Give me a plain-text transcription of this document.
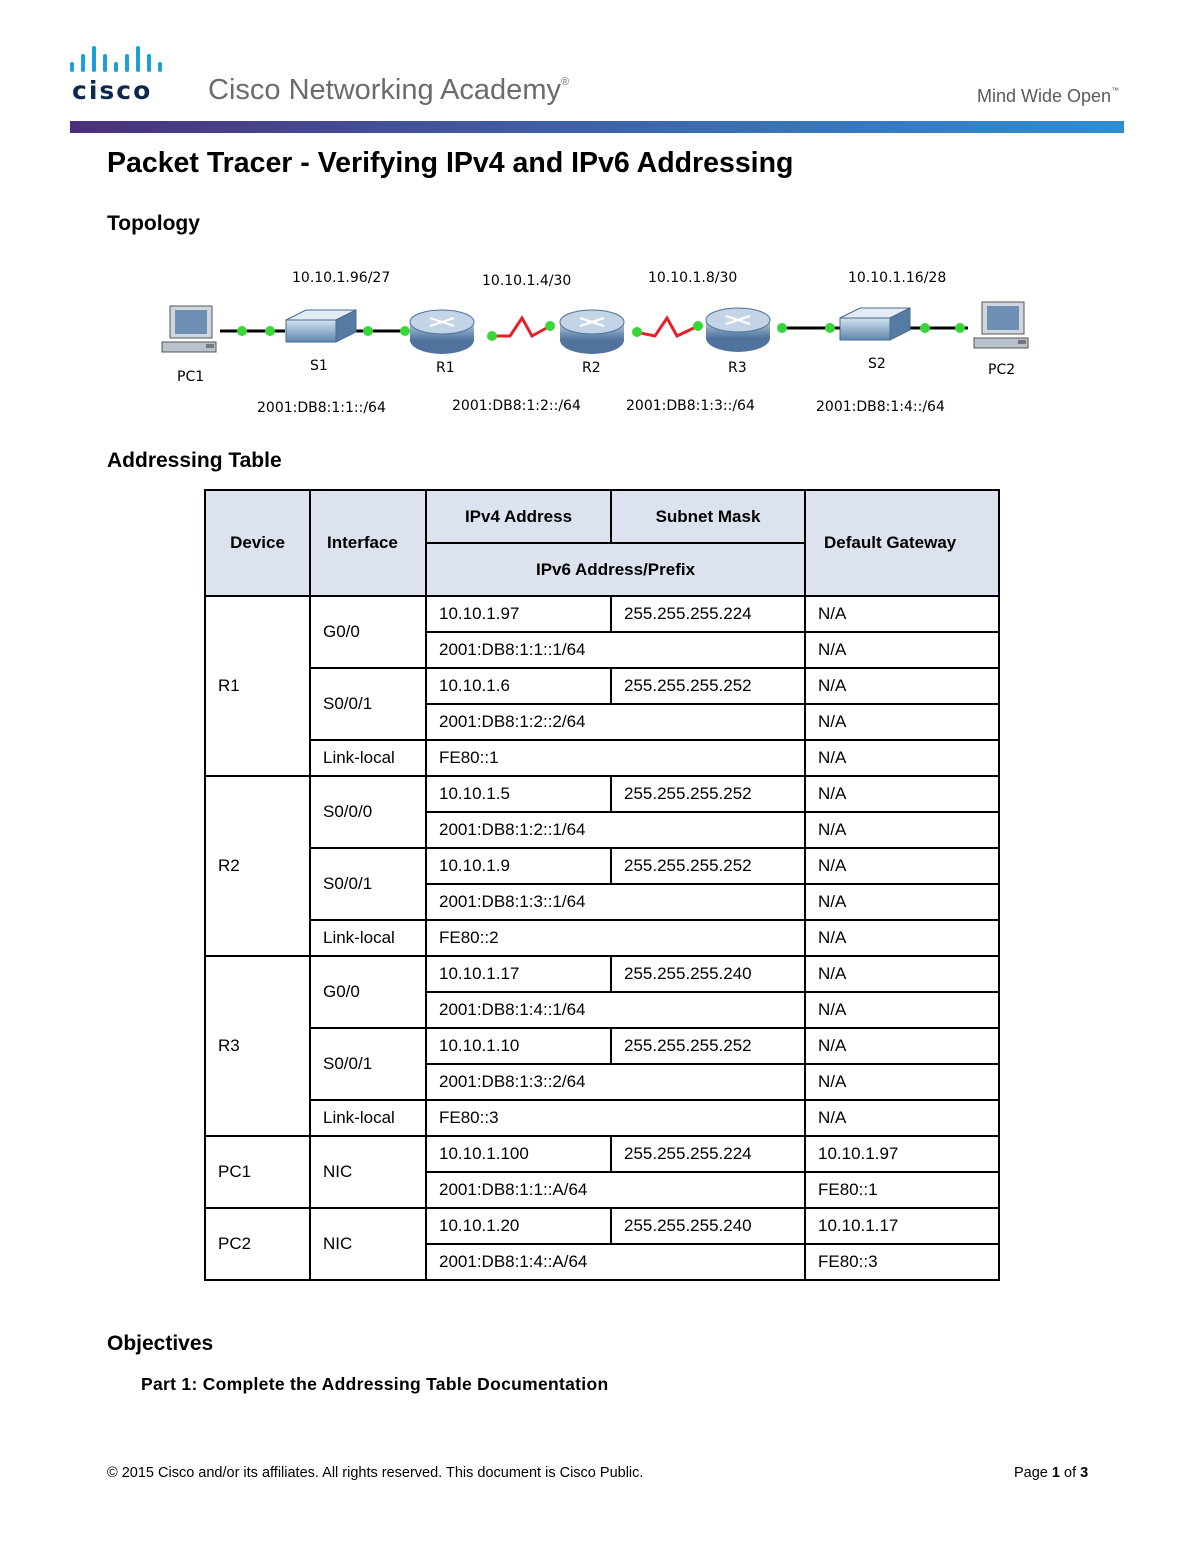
cisco Cisco Networking Academy®
Mind Wide Open™
Packet Tracer - Verifying IPv4 and IPv6 Addressing
Topology
10.10.1.96/27	10.10.1.4/30	10.10.1.8/30	10.10.1.16/28
PC1
S1	R1	R2	R3	S2	PC2
2001:DB8:1:1::/64	2001:DB8:1:2::/64	2001:DB8:1:3::/64	2001:DB8:1:4::/64
Addressing Table
Device	Interface	IPv4 Address	Subnet Mask	Default Gateway
		IPv6 Address/Prefix		
R1	G0/0	10.10.1.97	255.255.255.224	N/A
		2001:DB8:1:1::1/64		N/A
	S0/0/1	10.10.1.6	255.255.255.252	N/A
		2001:DB8:1:2::2/64		N/A
	Link-local	FE80::1		N/A
R2	S0/0/0	10.10.1.5	255.255.255.252	N/A
		2001:DB8:1:2::1/64		N/A
	S0/0/1	10.10.1.9	255.255.255.252	N/A
		2001:DB8:1:3::1/64		N/A
	Link-local	FE80::2		N/A
R3	G0/0	10.10.1.17	255.255.255.240	N/A
		2001:DB8:1:4::1/64		N/A
	S0/0/1	10.10.1.10	255.255.255.252	N/A
		2001:DB8:1:3::2/64		N/A
	Link-local	FE80::3		N/A
PC1	NIC	10.10.1.100	255.255.255.224	10.10.1.97
		2001:DB8:1:1::A/64		FE80::1
PC2	NIC	10.10.1.20	255.255.255.240	10.10.1.17
		2001:DB8:1:4::A/64		FE80::3
Objectives
Part 1: Complete the Addressing Table Documentation
© 2015 Cisco and/or its affiliates. All rights reserved. This document is Cisco Public.	Page 1 of 3
